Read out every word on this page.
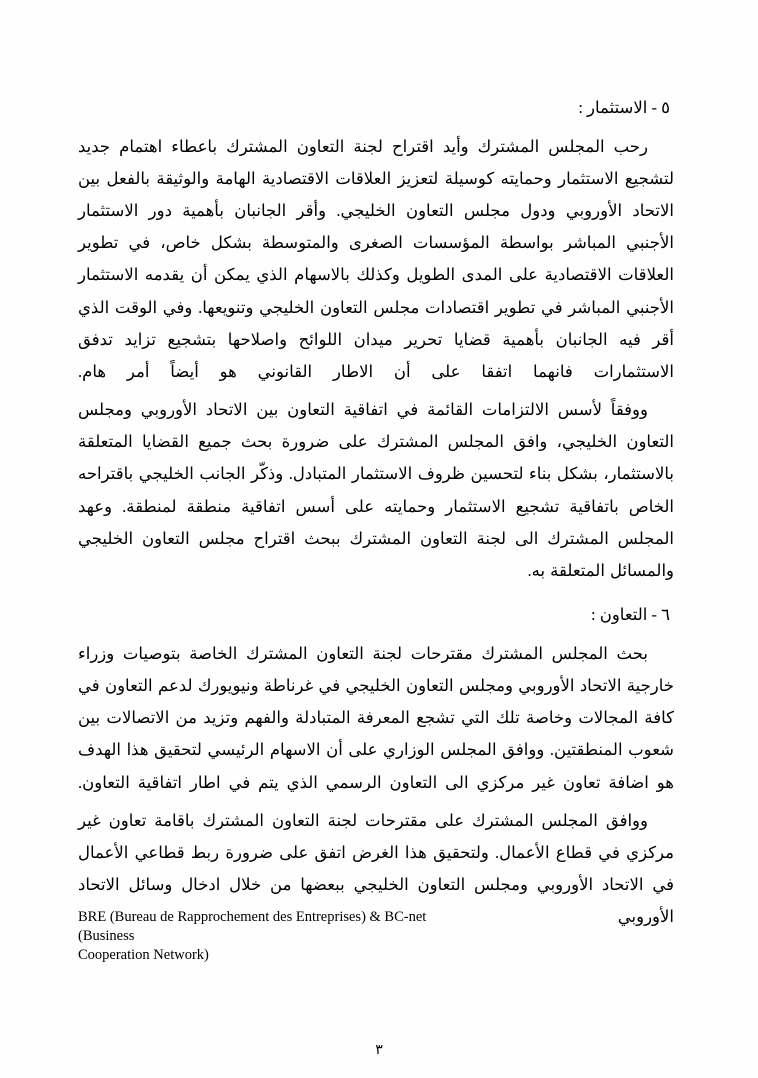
٥ - الاستثمار :

رحب المجلس المشترك وأيد اقتراح لجنة التعاون المشترك باعطاء اهتمام جديد لتشجيع الاستثمار وحمايته كوسيلة لتعزيز العلاقات الاقتصادية الهامة والوثيقة بالفعل بين الاتحاد الأوروبي ودول مجلس التعاون الخليجي. وأقر الجانبان بأهمية دور الاستثمار الأجنبي المباشر بواسطة المؤسسات الصغرى والمتوسطة بشكل خاص، في تطوير العلاقات الاقتصادية على المدى الطويل وكذلك بالاسهام الذي يمكن أن يقدمه الاستثمار الأجنبي المباشر في تطوير اقتصادات مجلس التعاون الخليجي وتنويعها. وفي الوقت الذي أقر فيه الجانبان بأهمية قضايا تحرير ميدان اللوائح واصلاحها بتشجيع تزايد تدفق الاستثمارات فانهما اتفقا على أن الاطار القانوني هو أيضاً أمر هام.

ووفقاً لأسس الالتزامات القائمة في اتفاقية التعاون بين الاتحاد الأوروبي ومجلس التعاون الخليجي، وافق المجلس المشترك على ضرورة بحث جميع القضايا المتعلقة بالاستثمار، بشكل بناء لتحسين ظروف الاستثمار المتبادل. وذكّر الجانب الخليجي باقتراحه الخاص باتفاقية تشجيع الاستثمار وحمايته على أسس اتفاقية منطقة لمنطقة. وعهد المجلس المشترك الى لجنة التعاون المشترك ببحث اقتراح مجلس التعاون الخليجي والمسائل المتعلقة به.

٦ - التعاون :

بحث المجلس المشترك مقترحات لجنة التعاون المشترك الخاصة بتوصيات وزراء خارجية الاتحاد الأوروبي ومجلس التعاون الخليجي في غرناطة ونيويورك لدعم التعاون في كافة المجالات وخاصة تلك التي تشجع المعرفة المتبادلة والفهم وتزيد من الاتصالات بين شعوب المنطقتين. ووافق المجلس الوزاري على أن الاسهام الرئيسي لتحقيق هذا الهدف هو اضافة تعاون غير مركزي الى التعاون الرسمي الذي يتم في اطار اتفاقية التعاون.

ووافق المجلس المشترك على مقترحات لجنة التعاون المشترك باقامة تعاون غير مركزي في قطاع الأعمال. ولتحقيق هذا الغرض اتفق على ضرورة ربط قطاعي الأعمال في الاتحاد الأوروبي ومجلس التعاون الخليجي ببعضها من خلال ادخال وسائل الاتحاد الأوروبي

BRE (Bureau de Rapprochement des Entreprises) & BC-net (Business
Cooperation Network)
٣
